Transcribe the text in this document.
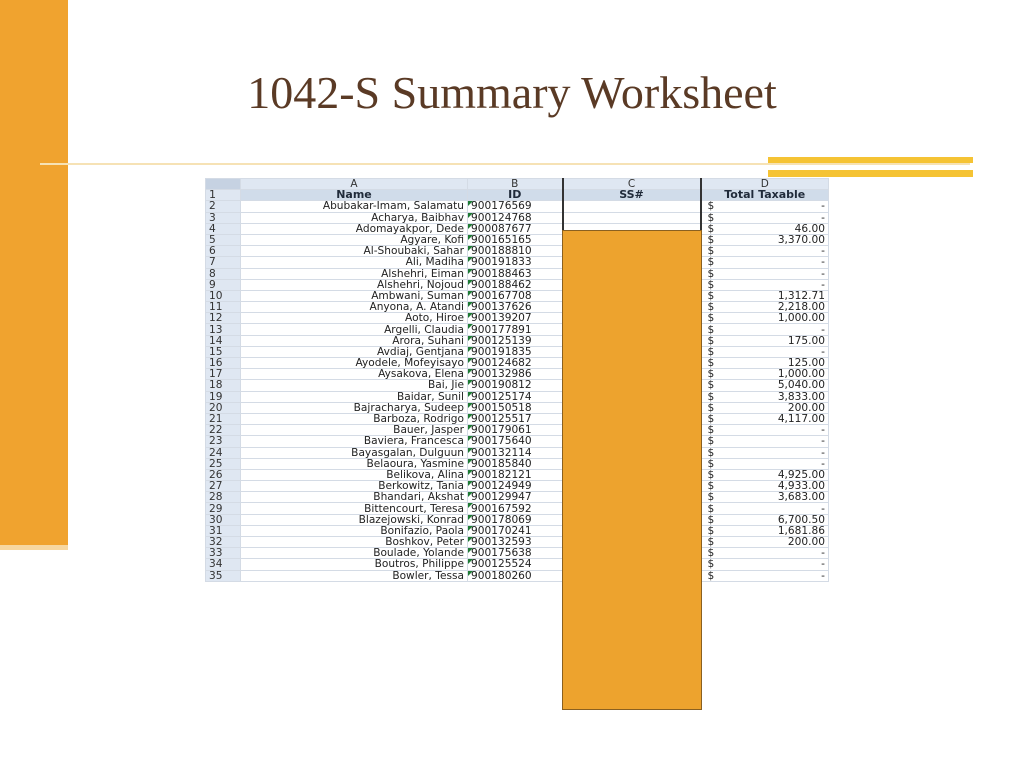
1042-S Summary Worksheet
	A	B	C	D
1	Name	ID	SS#	Total Taxable
2	Abubakar-Imam, Salamatu	900176569		$ -
3	Acharya, Baibhav	900124768		$ -
4	Adomayakpor, Dede	900087677		$ 46.00
5	Agyare, Kofi	900165165		$ 3,370.00
6	Al-Shoubaki, Sahar	900188810		$ -
7	Ali, Madiha	900191833		$ -
8	Alshehri, Eiman	900188463		$ -
9	Alshehri, Nojoud	900188462		$ -
10	Ambwani, Suman	900167708		$ 1,312.71
11	Anyona, A. Atandi	900137626		$ 2,218.00
12	Aoto, Hiroe	900139207		$ 1,000.00
13	Argelli, Claudia	900177891		$ -
14	Arora, Suhani	900125139		$ 175.00
15	Avdiaj, Gentjana	900191835		$ -
16	Ayodele, Mofeyisayo	900124682		$ 125.00
17	Aysakova, Elena	900132986		$ 1,000.00
18	Bai, Jie	900190812		$ 5,040.00
19	Baidar, Sunil	900125174		$ 3,833.00
20	Bajracharya, Sudeep	900150518		$ 200.00
21	Barboza, Rodrigo	900125517		$ 4,117.00
22	Bauer, Jasper	900179061		$ -
23	Baviera, Francesca	900175640		$ -
24	Bayasgalan, Dulguun	900132114		$ -
25	Belaoura, Yasmine	900185840		$ -
26	Belikova, Alina	900182121		$ 4,925.00
27	Berkowitz, Tania	900124949		$ 4,933.00
28	Bhandari, Akshat	900129947		$ 3,683.00
29	Bittencourt, Teresa	900167592		$ -
30	Blazejowski, Konrad	900178069		$ 6,700.50
31	Bonifazio, Paola	900170241		$ 1,681.86
32	Boshkov, Peter	900132593		$ 200.00
33	Boulade, Yolande	900175638		$ -
34	Boutros, Philippe	900125524		$ -
35	Bowler, Tessa	900180260		$ -
